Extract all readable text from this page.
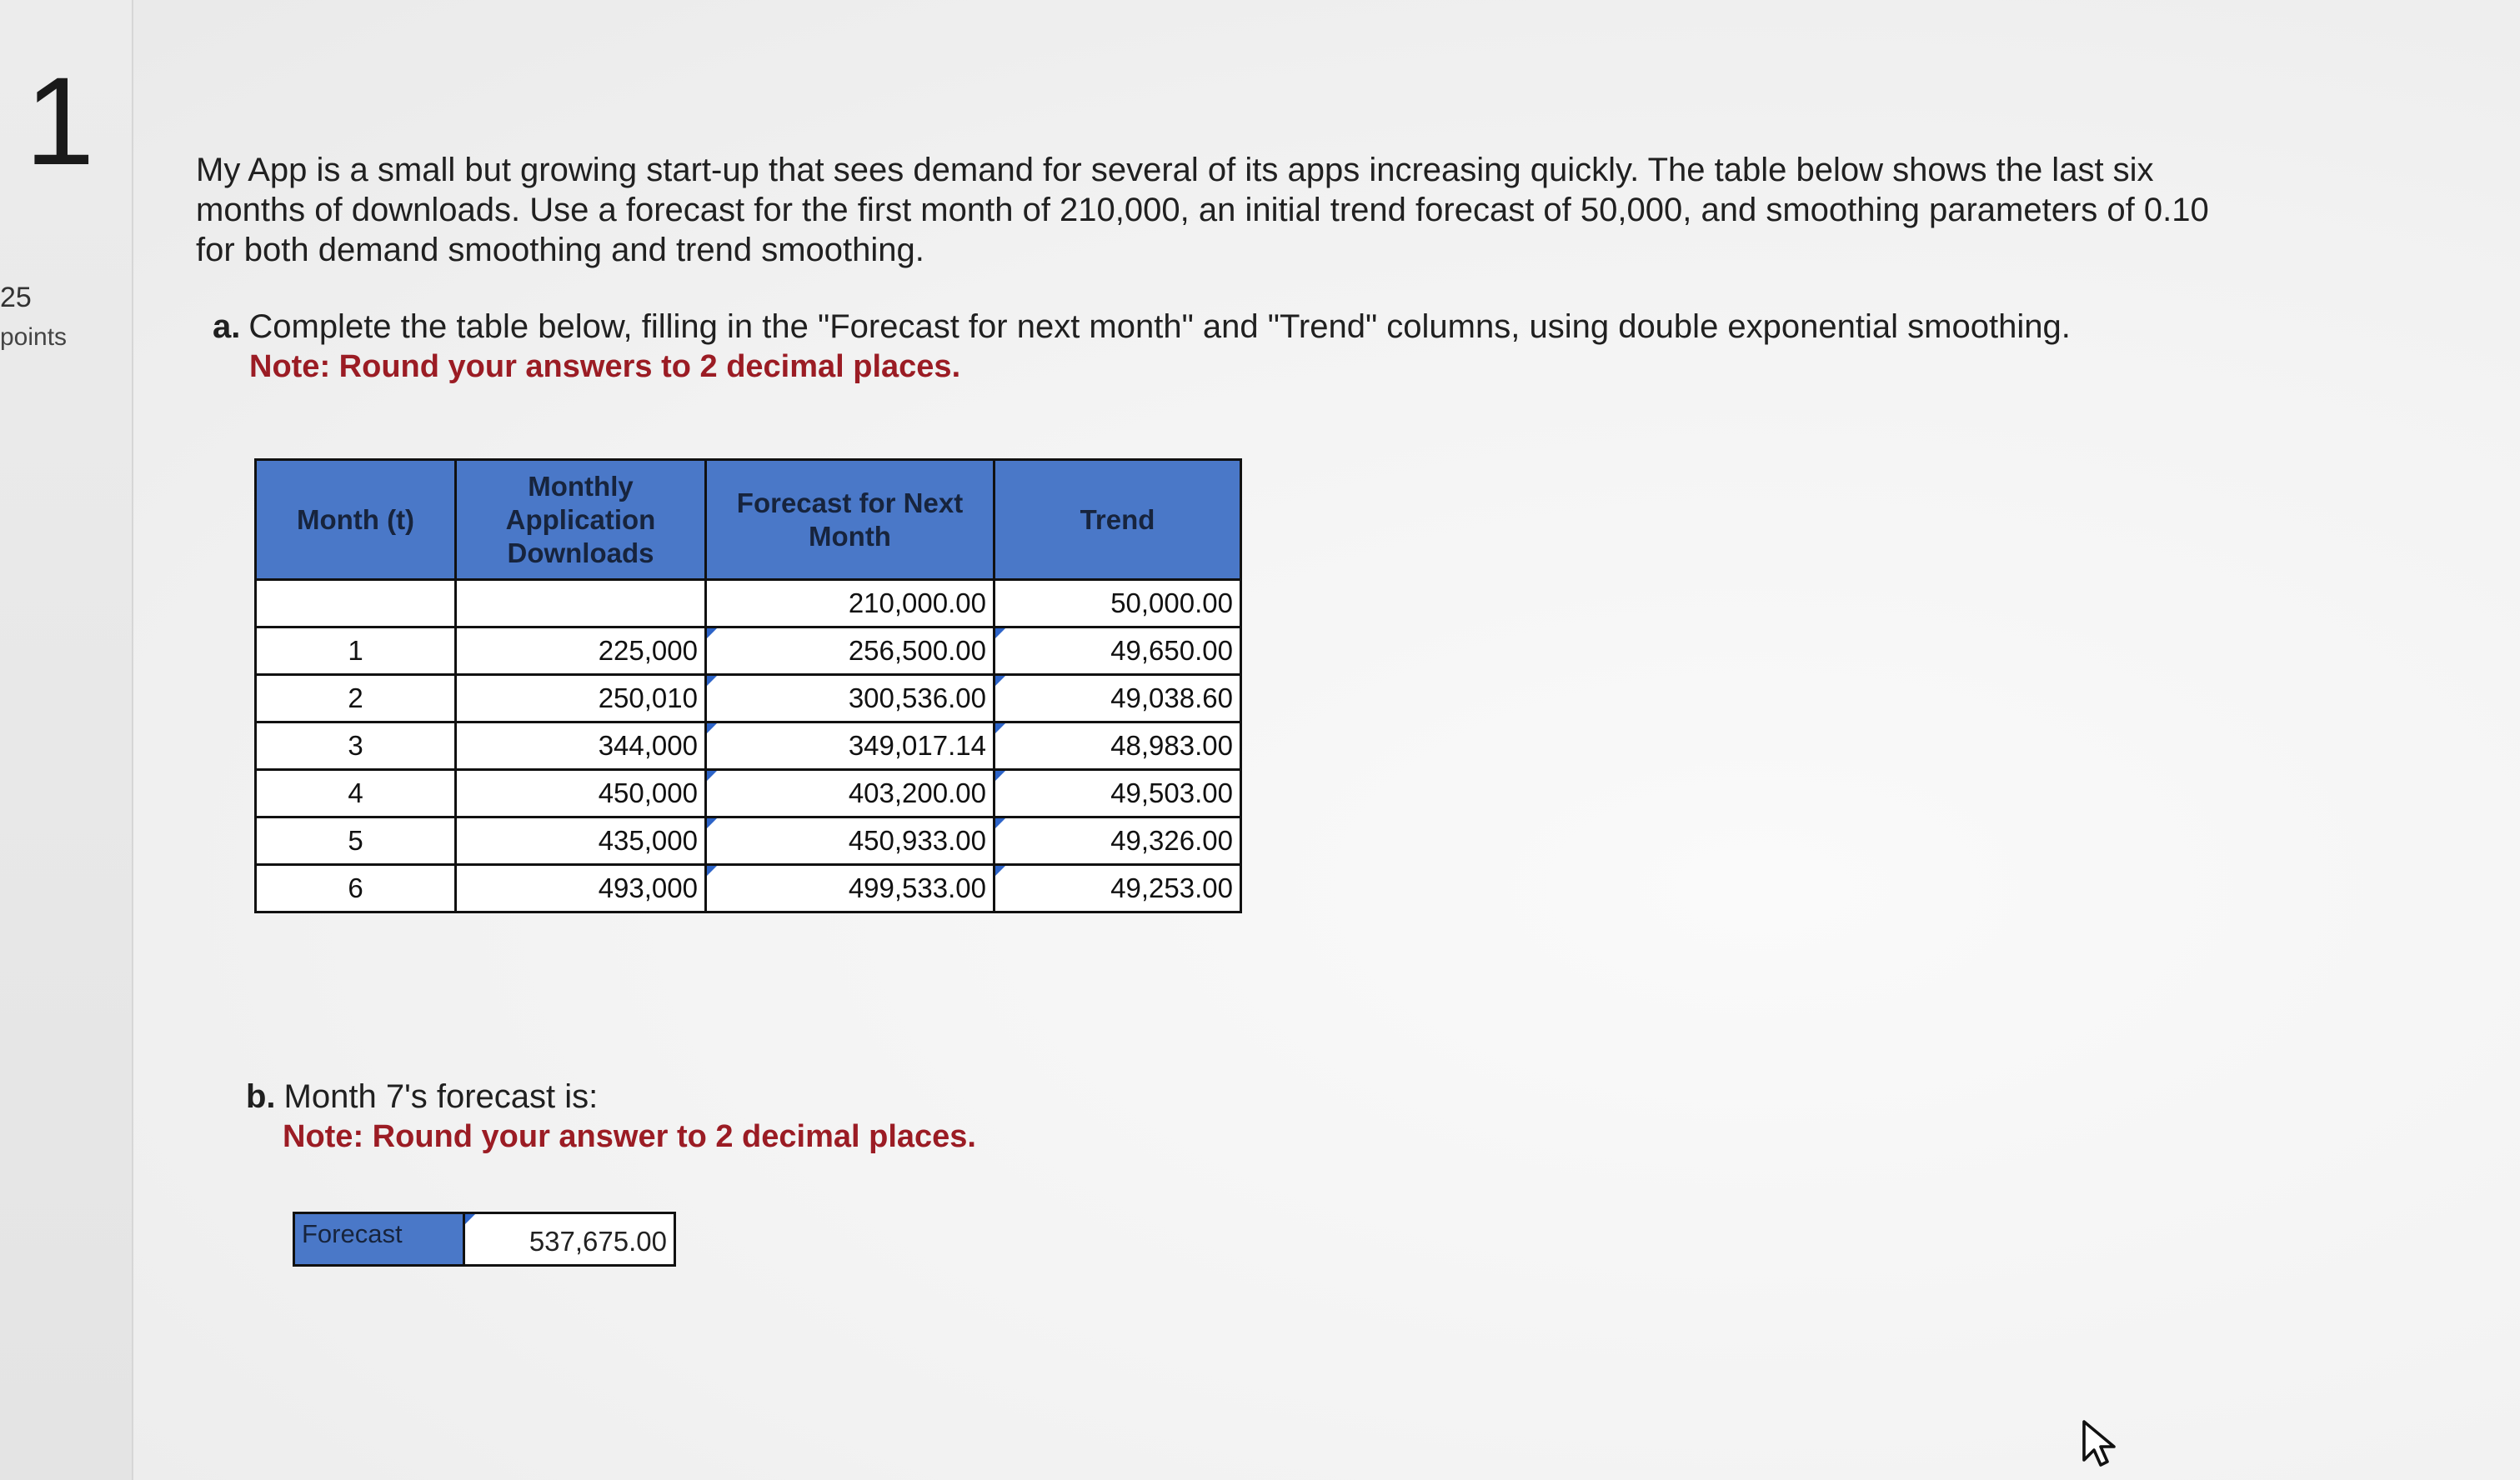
1
25
points

My App is a small but growing start-up that sees demand for several of its apps increasing quickly. The table below shows the last six months of downloads. Use a forecast for the first month of 210,000, an initial trend forecast of 50,000, and smoothing parameters of 0.10 for both demand smoothing and trend smoothing.

a. Complete the table below, filling in the "Forecast for next month" and "Trend" columns, using double exponential smoothing.

Note: Round your answers to 2 decimal places.

Month (t)	Monthly Application Downloads	Forecast for Next Month	Trend
		210,000.00	50,000.00
1	225,000	256,500.00	49,650.00
2	250,010	300,536.00	49,038.60
3	344,000	349,017.14	48,983.00
4	450,000	403,200.00	49,503.00
5	435,000	450,933.00	49,326.00
6	493,000	499,533.00	49,253.00

b. Month 7's forecast is:

Note: Round your answer to 2 decimal places.

Forecast	537,675.00
